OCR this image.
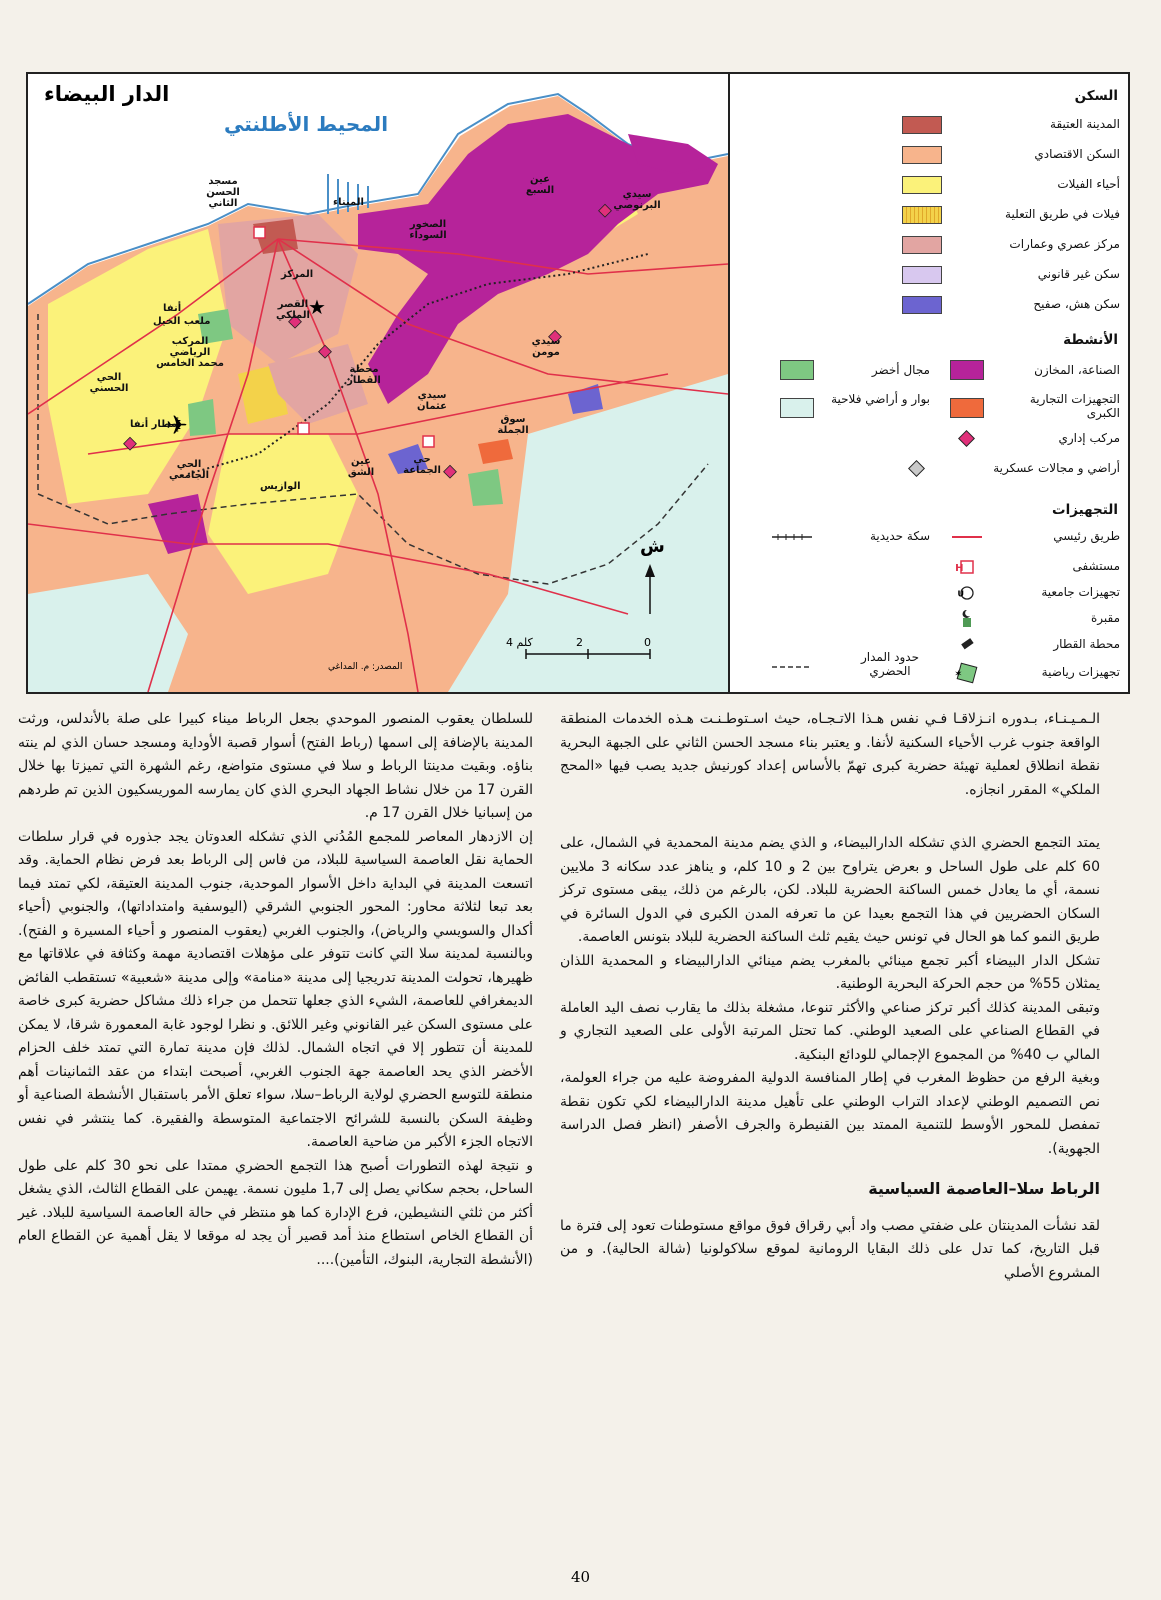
✈
★
الدار البيضاء
المحيط الأطلنتي
مسجد الحسن الثاني	الميناء
عين السبع	سيدي البرنوصي
الصخور السوداء
المركز
القصر الملكي
أنفا
ملعب الخيل
المركب الرياضي محمد الخامس
سيدي مومن
محطة القطار
الحي الحسني
مطار أنفا
سيدي عثمان
سوق الجملة
الحي الجامعي
عين الشق
الوازيس
حي الجماعة
ش
4 كلم	2	0
المصدر: م. المداغي
السكن
المدينة العتيقة
السكن الاقتصادي
أحياء الفيلات
فيلات في طريق التعلية
مركز عصري وعمارات
سكن غير قانوني
سكن هش، صفيح
الأنشطة
الصناعة، المخازن
مجال أخضر
التجهيزات التجارية الكبرى
بوار و أراضي فلاحية
مركب إداري
أراضي و مجالات عسكرية
التجهيزات
طريق رئيسي
سكة حديدية
H	مستشفى
U	تجهيزات جامعية
مقبرة
محطة القطار
✶	تجهيزات رياضية
حدود المدار الحضري

الـمـيـنـاء، بـدوره انـزلاقـا فـي نفس هـذا الاتـجـاه، حيث اسـتوطـنـت هـذه الخدمات المنطقة الواقعة جنوب غرب الأحياء السكنية لأنفا. و يعتبر بناء مسجد الحسن الثاني على الجبهة البحرية نقطة انطلاق لعملية تهيئة حضرية كبرى تهمّ بالأساس إعداد كورنيش جديد يصب فيها «المحج الملكي» المقرر انجازه.

يمتد التجمع الحضري الذي تشكله الدارالبيضاء، و الذي يضم مدينة المحمدية في الشمال، على 60 كلم على طول الساحل و بعرض يتراوح بين 2 و 10 كلم، و يناهز عدد سكانه 3 ملايين نسمة، أي ما يعادل خمس الساكنة الحضرية للبلاد. لكن، بالرغم من ذلك، يبقى مستوى تركز السكان الحضريين في هذا التجمع بعيدا عن ما تعرفه المدن الكبرى في الدول السائرة في طريق النمو كما هو الحال في تونس حيث يقيم ثلث الساكنة الحضرية للبلاد بتونس العاصمة.

تشكل الدار البيضاء أكبر تجمع مينائي بالمغرب يضم مينائي الدارالبيضاء و المحمدية اللذان يمثلان 55% من حجم الحركة البحرية الوطنية.

وتبقى المدينة كذلك أكبر تركز صناعي والأكثر تنوعا، مشغلة بذلك ما يقارب نصف اليد العاملة في القطاع الصناعي على الصعيد الوطني. كما تحتل المرتبة الأولى على الصعيد التجاري و المالي ب 40% من المجموع الإجمالي للودائع البنكية.

وبغية الرفع من حظوظ المغرب في إطار المنافسة الدولية المفروضة عليه من جراء العولمة، نص التصميم الوطني لإعداد التراب الوطني على تأهيل مدينة الدارالبيضاء لكي تكون نقطة تمفصل للمحور الأوسط للتنمية الممتد بين القنيطرة والجرف الأصفر (انظر فصل الدراسة الجهوية).

الرباط سلا–العاصمة السياسية

لقد نشأت المدينتان على ضفتي مصب واد أبي رقراق فوق مواقع مستوطنات تعود إلى فترة ما قبل التاريخ، كما تدل على ذلك البقايا الرومانية لموقع سلاكولونيا (شالة الحالية). و من المشروع الأصلي

للسلطان يعقوب المنصور الموحدي بجعل الرباط ميناء كبيرا على صلة بالأندلس، ورثت المدينة بالإضافة إلى اسمها (رباط الفتح) أسوار قصبة الأوداية ومسجد حسان الذي لم ينته بناؤه. وبقيت مدينتا الرباط و سلا في مستوى متواضع، رغم الشهرة التي تميزتا بها خلال القرن 17 من خلال نشاط الجهاد البحري الذي كان يمارسه الموريسكيون الذين تم طردهم من إسبانيا خلال القرن 17 م.

إن الازدهار المعاصر للمجمع المُدُني الذي تشكله العدوتان يجد جذوره في قرار سلطات الحماية نقل العاصمة السياسية للبلاد، من فاس إلى الرباط بعد فرض نظام الحماية. وقد اتسعت المدينة في البداية داخل الأسوار الموحدية، جنوب المدينة العتيقة، لكي تمتد فيما بعد تبعا لثلاثة محاور: المحور الجنوبي الشرقي (اليوسفية وامتداداتها)، والجنوبي (أحياء أكدال والسويسي والرياض)، والجنوب الغربي (يعقوب المنصور و أحياء المسيرة و الفتح). وبالنسبة لمدينة سلا التي كانت تتوفر على مؤهلات اقتصادية مهمة وكثافة في علاقاتها مع ظهيرها، تحولت المدينة تدريجيا إلى مدينة «منامة» وإلى مدينة «شعبية» تستقطب الفائض الديمغرافي للعاصمة، الشيء الذي جعلها تتحمل من جراء ذلك مشاكل حضرية كبرى خاصة على مستوى السكن غير القانوني وغير اللائق. و نظرا لوجود غابة المعمورة شرقا، لا يمكن للمدينة أن تتطور إلا في اتجاه الشمال. لذلك فإن مدينة تمارة التي تمتد خلف الحزام الأخضر الذي يحد العاصمة جهة الجنوب الغربي، أصبحت ابتداء من عقد الثمانينات أهم منطقة للتوسع الحضري لولاية الرباط–سلا، سواء تعلق الأمر باستقبال الأنشطة الصناعية أو وظيفة السكن بالنسبة للشرائح الاجتماعية المتوسطة والفقيرة. كما ينتشر في نفس الاتجاه الجزء الأكبر من ضاحية العاصمة.

و نتيجة لهذه التطورات أصبح هذا التجمع الحضري ممتدا على نحو 30 كلم على طول الساحل، بحجم سكاني يصل إلى 1,7 مليون نسمة. يهيمن على القطاع الثالث، الذي يشغل أكثر من ثلثي النشيطين، فرع الإدارة كما هو منتظر في حالة العاصمة السياسية للبلاد. غير أن القطاع الخاص استطاع منذ أمد قصير أن يجد له موقعا لا يقل أهمية عن القطاع العام (الأنشطة التجارية، البنوك، التأمين)....

40
